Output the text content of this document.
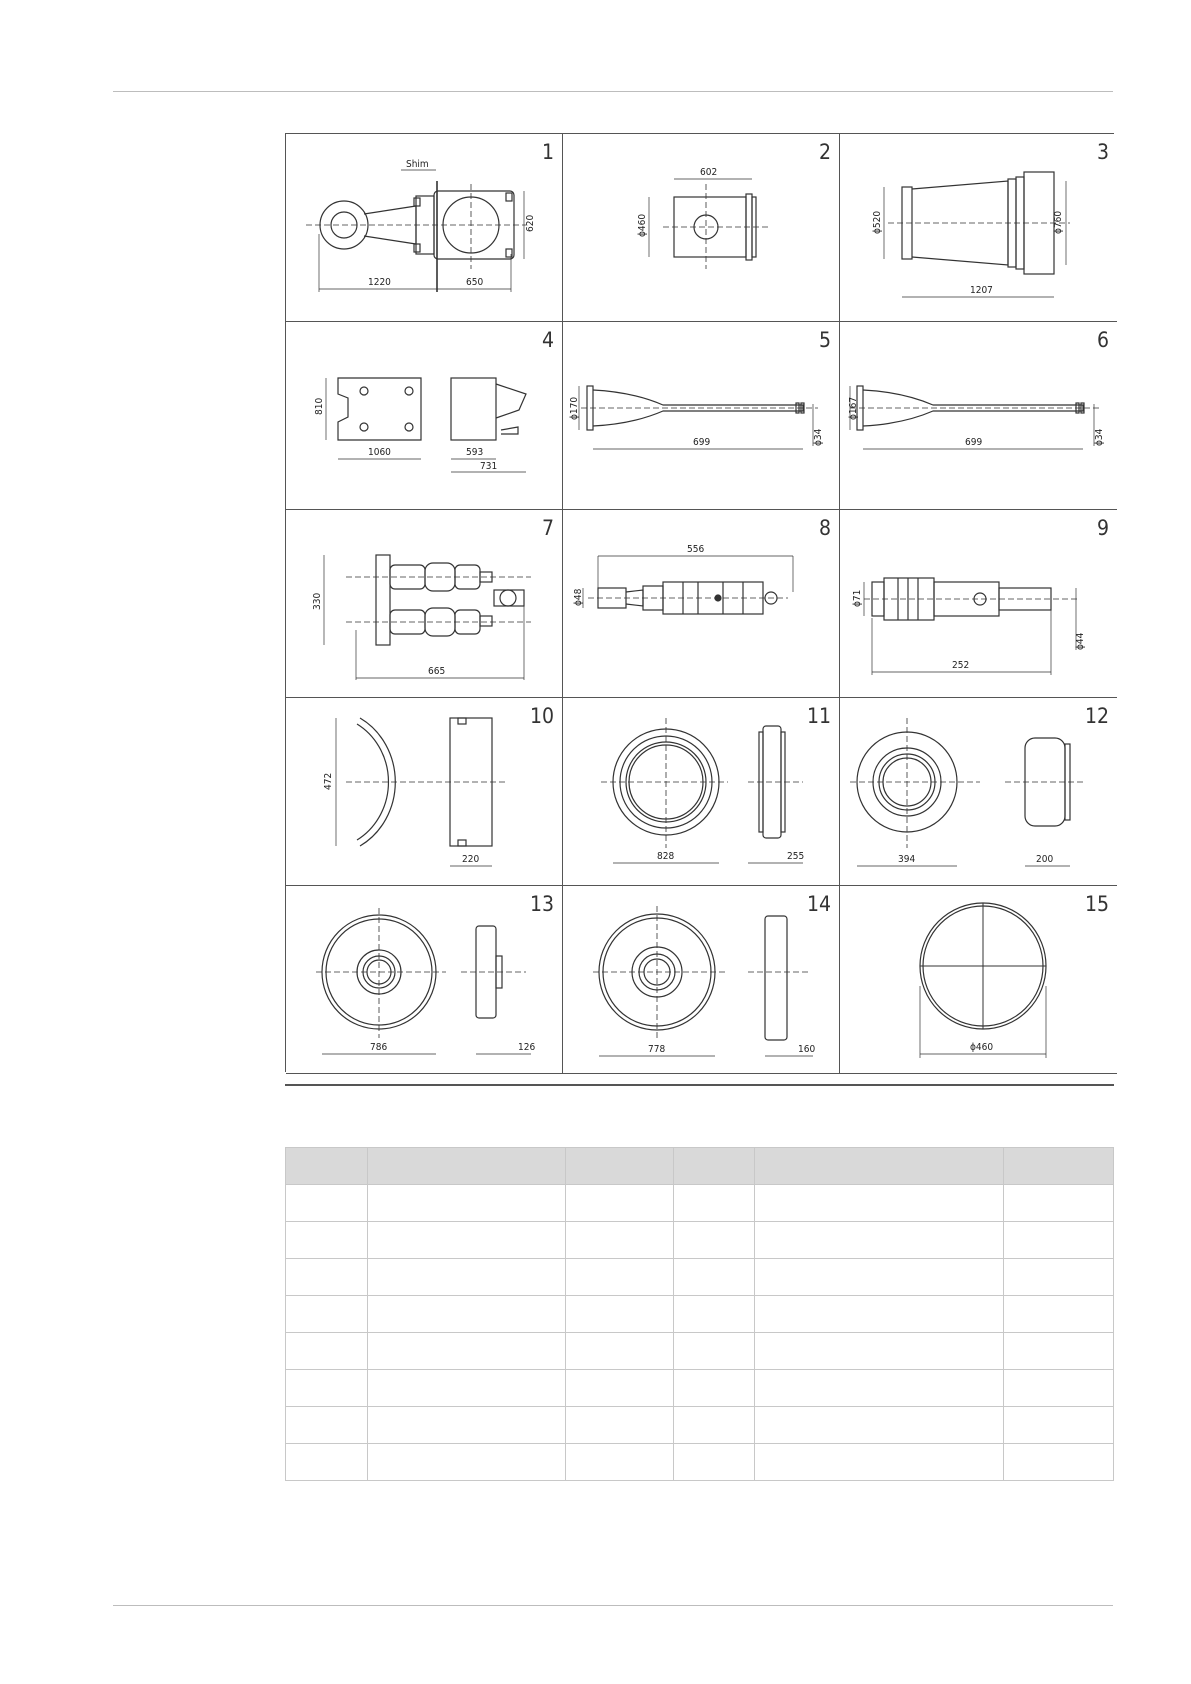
1
Shim
1220	650
620
2
602
ϕ460
3
1207
ϕ520	ϕ760
4
810
1060	593
731
5
699
ϕ170
ϕ34
6
699
ϕ167
ϕ34
7
330
665
8
556
ϕ48
9
252
ϕ71
ϕ44
10
472
220
11
828	255
12
394	200
13
786	126
14
778	160
15
ϕ460
